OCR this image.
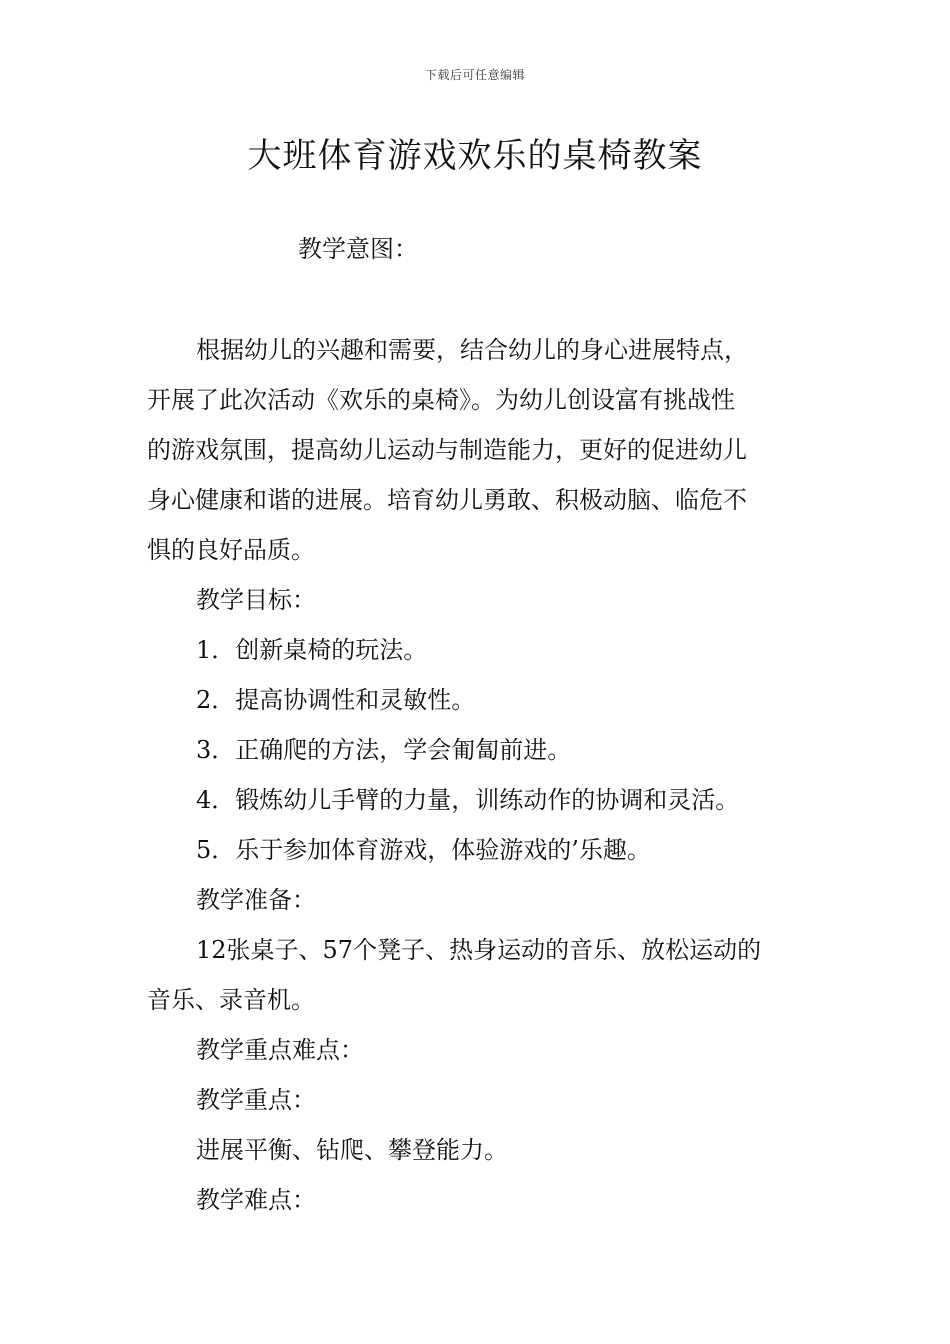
下载后可任意编辑
大班体育游戏欢乐的桌椅教案
教学意图：
根据幼儿的兴趣和需要，结合幼儿的身心进展特点，
开展了此次活动《欢乐的桌椅》。为幼儿创设富有挑战性
的游戏氛围，提高幼儿运动与制造能力，更好的促进幼儿
身心健康和谐的进展。培育幼儿勇敢、积极动脑、临危不
惧的良好品质。
教学目标：
1．创新桌椅的玩法。
2．提高协调性和灵敏性。
3．正确爬的方法，学会匍匐前进。
4．锻炼幼儿手臂的力量，训练动作的协调和灵活。
5．乐于参加体育游戏，体验游戏的’乐趣。
教学准备：
12张桌子、57个凳子、热身运动的音乐、放松运动的
音乐、录音机。
教学重点难点：
教学重点：
进展平衡、钻爬、攀登能力。
教学难点：
